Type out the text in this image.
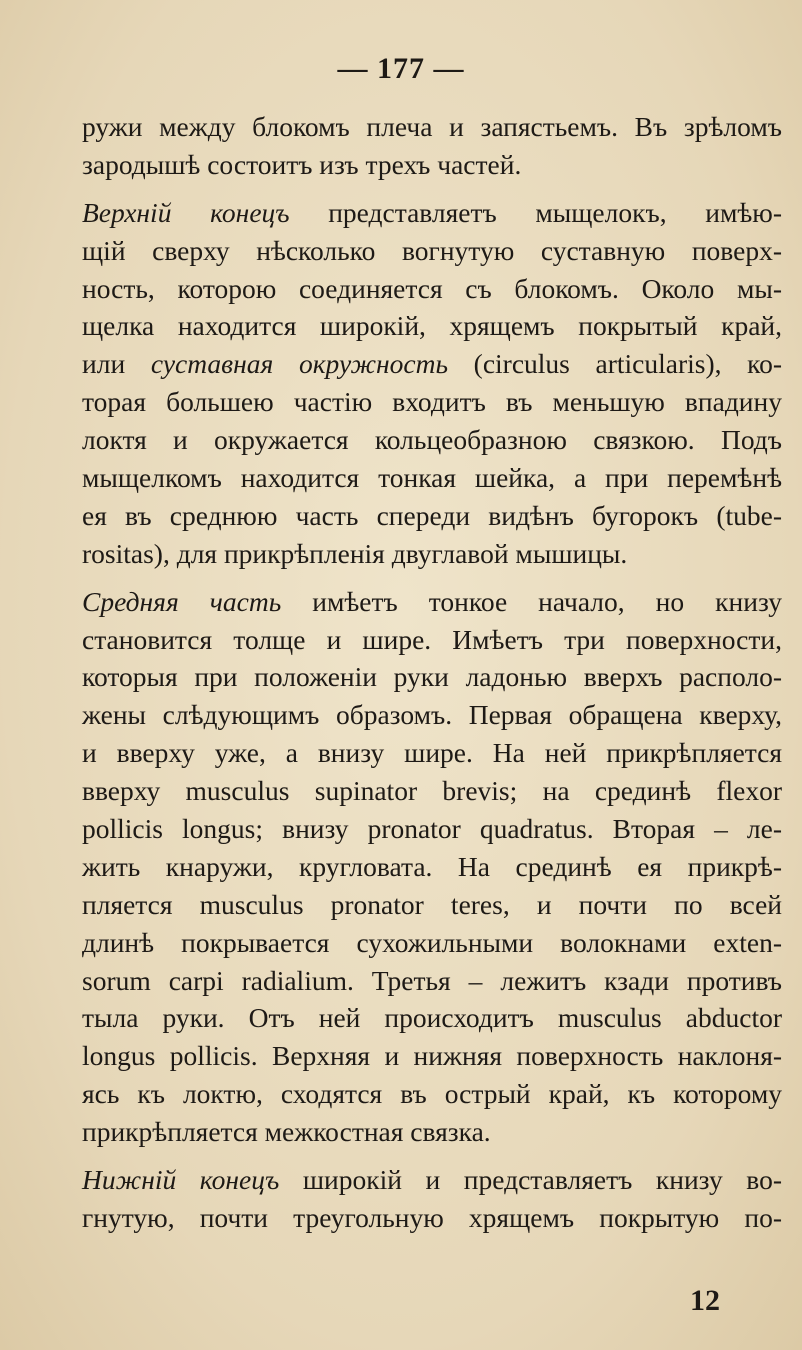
— 177 —
ружи между блокомъ плеча и запястьемъ. Въ зрѣломъ
зародышѣ состоитъ изъ трехъ частей.
Верхній конецъ представляетъ мыщелокъ, имѣю-
щій сверху нѣсколько вогнутую суставную поверх-
ность, которою соединяется съ блокомъ. Около мы-
щелка находится широкій, хрящемъ покрытый край,
или суставная окружность (circulus articularis), ко-
торая большею частію входитъ въ меньшую впадину
локтя и окружается кольцеобразною связкою. Подъ
мыщелкомъ находится тонкая шейка, а при перемѣнѣ
ея въ среднюю часть спереди видѣнъ бугорокъ (tube-
rositas), для прикрѣпленія двуглавой мышицы.
Средняя часть имѣетъ тонкое начало, но книзу
становится толще и шире. Имѣетъ три поверхности,
которыя при положеніи руки ладонью вверхъ располо-
жены слѣдующимъ образомъ. Первая обращена кверху,
и вверху уже, а внизу шире. На ней прикрѣпляется
вверху musculus supinator brevis; на срединѣ flexor
pollicis longus; внизу pronator quadratus. Вторая – ле-
жить кнаружи, кругловата. На срединѣ ея прикрѣ-
пляется musculus pronator teres, и почти по всей
длинѣ покрывается сухожильными волокнами exten-
sorum carpi radialium. Третья – лежитъ кзади противъ
тыла руки. Отъ ней происходитъ musculus abductor
longus pollicis. Верхняя и нижняя поверхность наклоня-
ясь къ локтю, сходятся въ острый край, къ которому
прикрѣпляется межкостная связка.
Нижній конецъ широкій и представляетъ книзу во-
гнутую, почти треугольную хрящемъ покрытую по-
12
